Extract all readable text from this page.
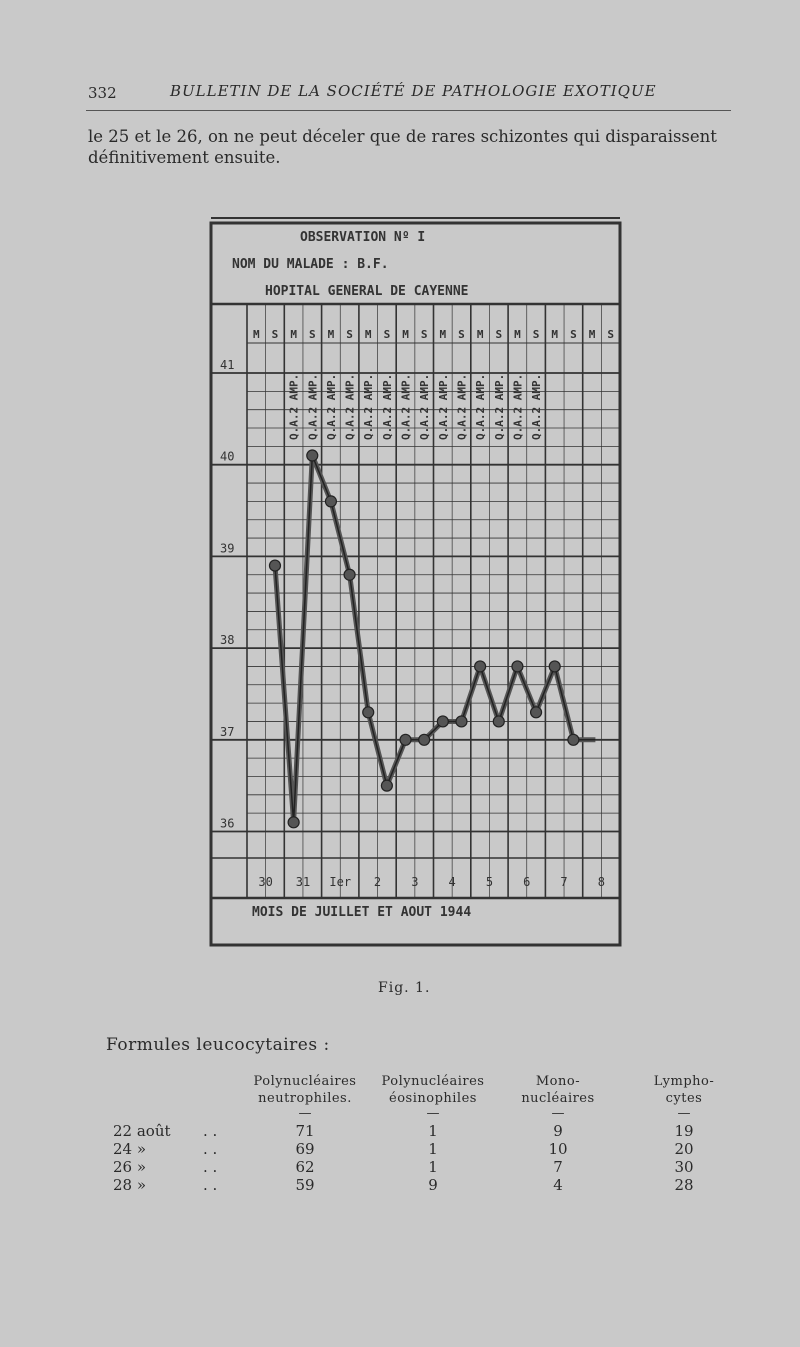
332	BULLETIN DE LA SOCIÉTÉ DE PATHOLOGIE EXOTIQUE
le 25 et le 26, on ne peut déceler que de rares schizontes qui disparaissent définitivement ensuite.
OBSERVATION Nº I
NOM DU MALADE : B.F.
HOPITAL GENERAL DE CAYENNE
M S M S M S M S M S M S M S M S M S M S
41
40
39
38
37
36
30 31 Ier 2	3	4	5	6	7	8
MOIS DE JUILLET ET AOUT 1944
Q.A.2 AMP. Q.A.2 AMP. Q.A.2 AMP. Q.A.2 AMP. Q.A.2 AMP. Q.A.2 AMP. Q.A.2 AMP. Q.A.2 AMP. Q.A.2 AMP. Q.A.2 AMP. Q.A.2 AMP. Q.A.2 AMP. Q.A.2 AMP. Q.A.2 AMP.
Fig. 1.
Formules leucocytaires :
Polynucléaires
neutrophiles.
—
Polynucléaires
éosinophiles
—
Mono-
nucléaires
—
Lympho-
cytes
—
22 août . .	71	1	9	19
24 »	. .	69	1	10	20
26 »	. .	62	1	7	30
28 »	. .	59	9	4	28
